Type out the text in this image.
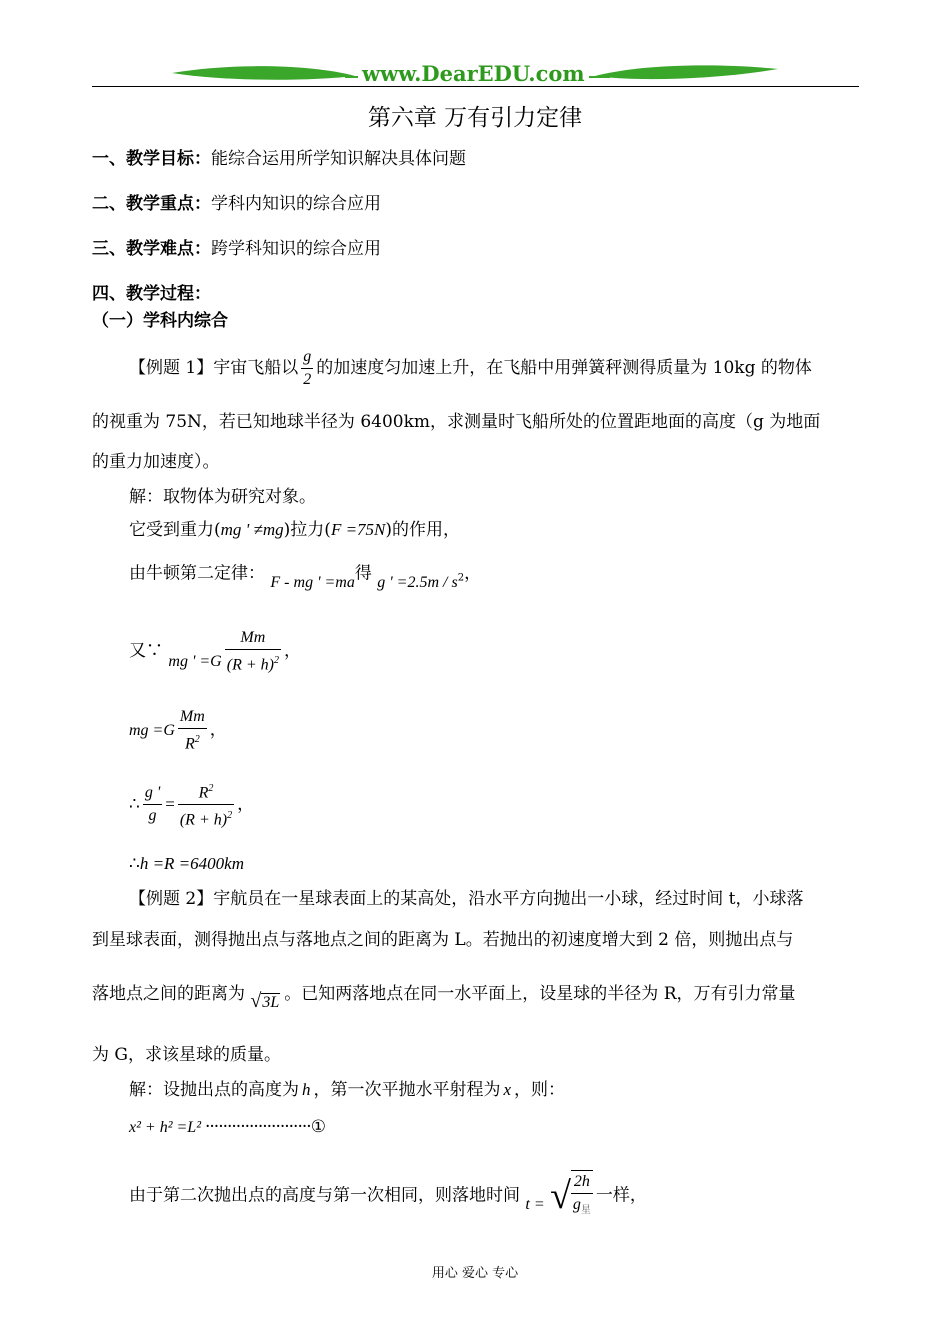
www.DearEDU.com
第六章 万有引力定律
一、教学目标：能综合运用所学知识解决具体问题
二、教学重点：学科内知识的综合应用
三、教学难点：跨学科知识的综合应用
四、教学过程：
（一）学科内综合
【例题 1】宇宙飞船以 $\frac{g}{2}$ 的加速度匀加速上升，在飞船中用弹簧秤测得质量为 10kg 的物体
的视重为 75N，若已知地球半径为 6400km，求测量时飞船所处的位置距地面的高度（g 为地面
的重力加速度）。
解：取物体为研究对象。
它受到重力(mg ' ≠mg)拉力(F =75N)的作用，
由牛顿第二定律： F - mg ' =ma得 g ' $=2.5m / s^2$，
又∵ mg ' $=G \frac{Mm}{(R + h)^2}$ ，
mg $=G \frac{Mm}{R^2}$ ，
∴ $\frac{g '}{g} = \frac{R^2}{(R + h)^2}$ ，
∴h =R =6400km
【例题 2】宇航员在一星球表面上的某高处，沿水平方向抛出一小球，经过时间 t，小球落
到星球表面，测得抛出点与落地点之间的距离为 L。若抛出的初速度增大到 2 倍，则抛出点与
落地点之间的距离为 √3L 。已知两落地点在同一水平面上，设星球的半径为 R，万有引力常量
为 G，求该星球的质量。
解：设抛出点的高度为 h ，第一次平抛水平射程为 x ，则：
x² + h² =L² ························①
由于第二次抛出点的高度与第一次相同，则落地时间 t = √ $\frac{2h}{g_星}$ 一样，
用心 爱心 专心
